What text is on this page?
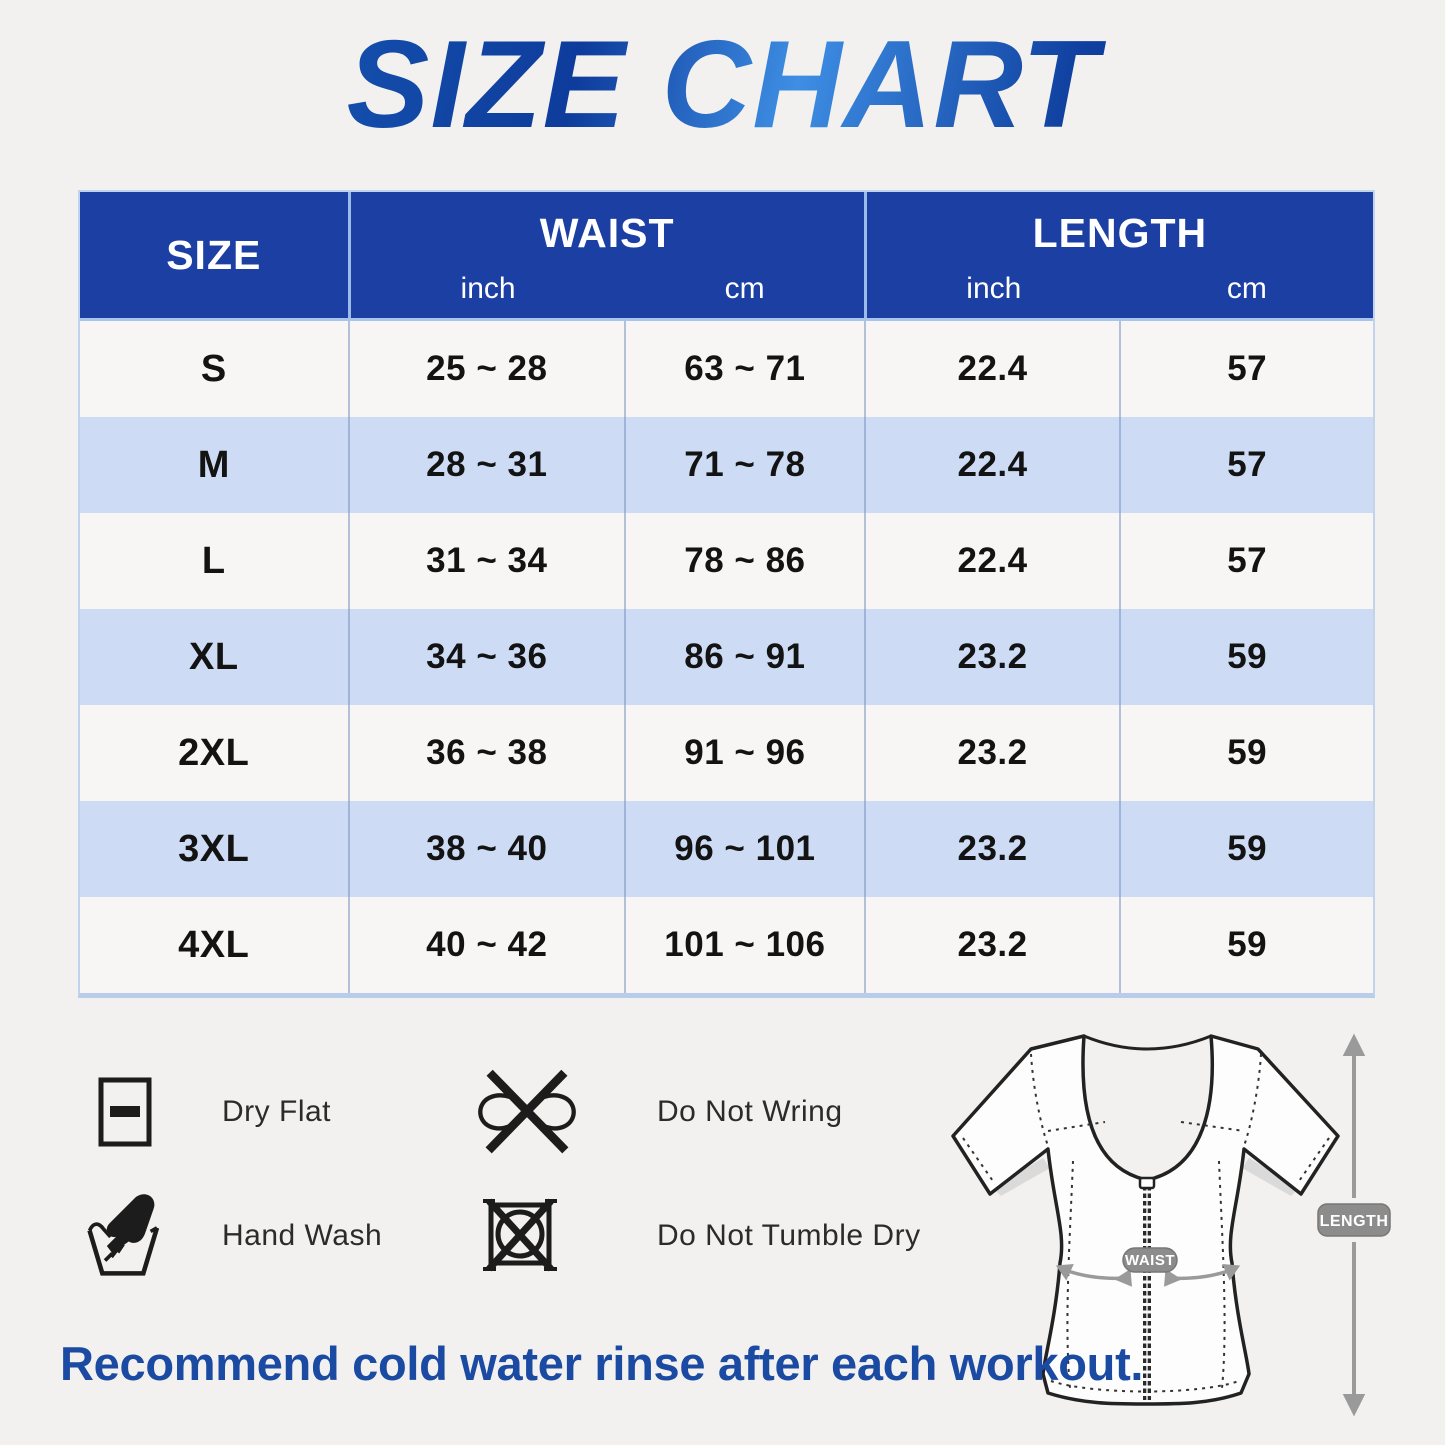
SIZE CHART
SIZE	WAIST
inch	cm
LENGTH
inch	cm
S	25 ~ 28	63 ~ 71	22.4	57
M	28 ~ 31	71 ~ 78	22.4	57
L	31 ~ 34	78 ~ 86	22.4	57
XL	34 ~ 36	86 ~ 91	23.2	59
2XL	36 ~ 38	91 ~ 96	23.2	59
3XL	38 ~ 40	96 ~ 101	23.2	59
4XL	40 ~ 42	101 ~ 106	23.2	59
Dry Flat	Do Not Wring
Hand Wash	Do Not Tumble Dry
WAIST
LENGTH

Recommend cold water rinse after each workout.
